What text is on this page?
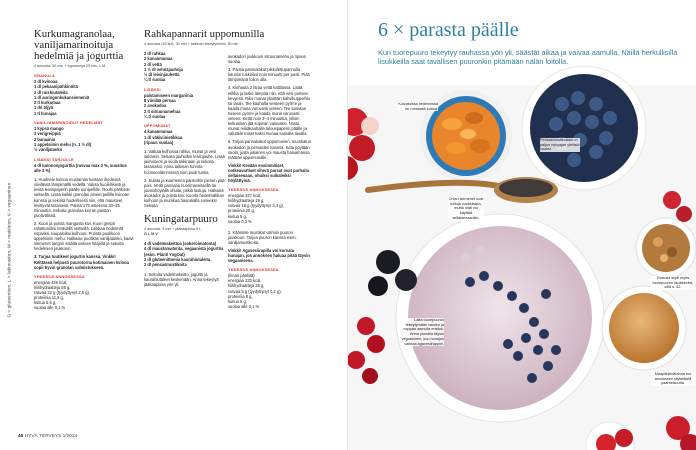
G = gluteeniton, L = laktoositon, M = maidoton, V = vegaaninen
Kurkumagranolaa, vaniljamarinoituja hedelmiä ja jogurttia
4 annosta, 30 min + kypsennys 25 min, L M
GRANOLA
2 dl kvinoaa
1 dl pekaanipähkinöitä
2 dl ruishiutaleita
1 dl auringonkukansiemeniä
2 tl kurkumaa
1 rkl öljyä
1 tl hunajaa
VANILJAMARINOIDUT HEDELMÄT
1 kypsä mango
2 verigreippiä
2 banaania
1 appelsiinin mehu (n. 1 ½ dl)
½ vaniljatanko
LISÄKSI TARJOLLE
4 dl luonnonjogurttia (rasvaa max 3 %, suositus alle 2 %)

1. Huuhtele kvinoa mustaman kertaan ihedessä siivilässä lämpimällä vedellä. Valuta huolellisesti ja levitä leivinpaperin päälle uunipellille. Rouhi pähkinät veitsellä. Lisää kaikki granolan aineet pellille kvinoan kanssa ja sekoita huolellisesti niin, että mausteet levittyvät tasaisesti. Paista 175 asteessa 20–25 minuuttia. Sekoita granolaa kerran paiston puolivälissä.

2. Kuori ja poista mangosta kivi. Kuori greipit rahattomiksi terävällä veitsellä. Leikkaa hedelmät sopiviksi suupaloiksi kulhoon. Purista puolikoon appelsiinin mehu. Halkaise puolikas vaniljatanko, kaavi siemenet tangon sisältä veitsen kärjellä ja sekoita hedelmien joukkoon.

3. Tarjoa tuutikeet jogurtin kanssa. Vinkki! Kelttässä helposti puurotorna kotimainen kvinoa sopii hyvin granolan valmistukseen.

YHDESSÄ ANNOKSESSA
energiaa 426 kcal,
hiilihydraatteja 55 g,
rasvaa 22 g (tyydyttynyt 2,5 g),
proteiinia 11,5 g,
kuitua 5,5 g,
suolaa alle 0,1 %
Rahkapannarit uppomunilla
4 annosta (16 kpl), 30 min + taikinan tekeytyminen 30 min
2 dl rahkaa
2 kananmunaa
2 dl vettä
1 ½ dl vehnäjauhoja
½ dl leivinjauhetta
¼ tl suolaa
LISÄKSI
paistamiseen margariinia
8 viinilää persaa
2 avokadoa
2 tl sitruunamehua
¼ tl suolaa
UPPOMUNAT
4 kananmunaa
1 dl väkiviinietikkaa
(ripaus suolaa)

1. Vatkaa kulhossa rahka, munat ja vesi sekaisin. Sekoita jauhoihin leivinjauhe. Lisää jauhoseos ja suola taikinaan ja sekoita tasaiseksi. Anna taikinan turvota huoneenlämmössä noin puoli tuntia.

2. Sulata ja kuumenna paistoihin pienen pää pois. Vedä pannaria kuorimaveitsellä tai juustohöylällä ohuita, pitkiä lastuja. Halkaise avokadot ja poista kivi. Kuorta hedelmälihan kulhoon ja murskaa haarukalla soseeksi. Sekoita

Kuningatarpuuro
4 annosta, 5 min + jääkaapissa 8 t,
G L M V
4 dl vadelmakeittoa (sokeroimatonta)
4 dl maustamatonta, vegaanista jogurttia (esim. Planti YogOat)
2 dl gluteenittomia kaurahiutaleita
2 dl pensasmustikoita

1. Sekoita vadelmakeitto, jogurtti ja kaurahiutaleet keskenään. Anna tekeytyä jääkaapissa yön yli.

avokadon joukkoon sitruunamehu ja ripaus suolaa.

3. Paista pannukakut pikkulettupannulla kauniin ruskeiksi noin minuutti per puoli. Pidä lämpimänä folion alla.

4. Kiehauta 2 litraa vettä kattilassa. Lisää etikka ja laske lämpöä niin, että vesi porisee kevyesti. Riko munat yksittäin kahvikuppeihin tai lasiin. Tee kauhalla vesiteen pyörre ja kaada muna varovasti veteen. Tee samaan toiseen pyörre ja kaada muna varovasti veteen. Kettä noin 3–4 minuuttia, jolloin keltuainen jää sopivan valuvaksi. Nosta munat reikäkauhalla talouspaperin päälle ja valuttele toiset kaksi munaa samalla tavalla.

5. Tarjoa pannukakut uppomunien, murskatun avokadon ja persaiden kanssa. Kata pöytään suola, josta jokainen voi mausta haluamansa määrän uppomunalle.

Vinkki! Kevään ensimmäiset, notkeavartiset viherä parsat ovat parhaita sellaisenaan, ohuiksi suikaleiksi höylättyinä.

YHDESSÄ ANNOKSESSA
energiaa 337 kcal,
hiilihydraatteja 19 g,
rasvaa 18 g (tyydyttynyt 3,3 g),
proteiinia 20 g,
kuitua 5 g,
suolaa 0,3 %

2. Kääntele mustikat valmiin puuron joukkoon. Tarjoa puuron kanssa esim. vaniljamustikoita.

Vinkki! Agavesiirapilla voi korvata hunajan, jos annoksen haluaa pitää täysin vegaanisena.

YHDESSÄ ANNOKSESSA
(ilman pääliitä)
energiaa 233 kcal,
hiilihydraatteja 35 g,
rasvaa 5 g (tyydyttynyt 0,2 g),
proteiinia 8 g,
kuitua 6 g,
suolaa alle 0,1 %
40 HYVÄ TERVEYS 1/2024
Kuivatuissa hedelmissä on runsaasti kuitua.
Pensasmustikoissa on paljon nykyajan ylellisiä vuoksi.
Chian siemenet ovat tuttuja vuokslaista, mutta niitä voi käyttää sellaisenaankin.
Granola sopii myös tuorepuuron lisukkeeksi, sillä s. 42.
Laita tuorepuuron tekeytymään vaisien ja nappaa aamulla ensiksi. Anna pinnalla täysin vegaaninen, kun hunajan vaihtaa agavesiirappiin.
Maapähkinätahna tuo annokseen täyteläistä paahteisuutta.
6 × parasta päälle
Kun tuorepuuro tekeytyy rauhassa yön yli, säästät aikaa ja vaivaa aamulla. Näillä herkullisilla lisukkeilla saat tavallisen puuronkin pitämään nälän loitolla.
